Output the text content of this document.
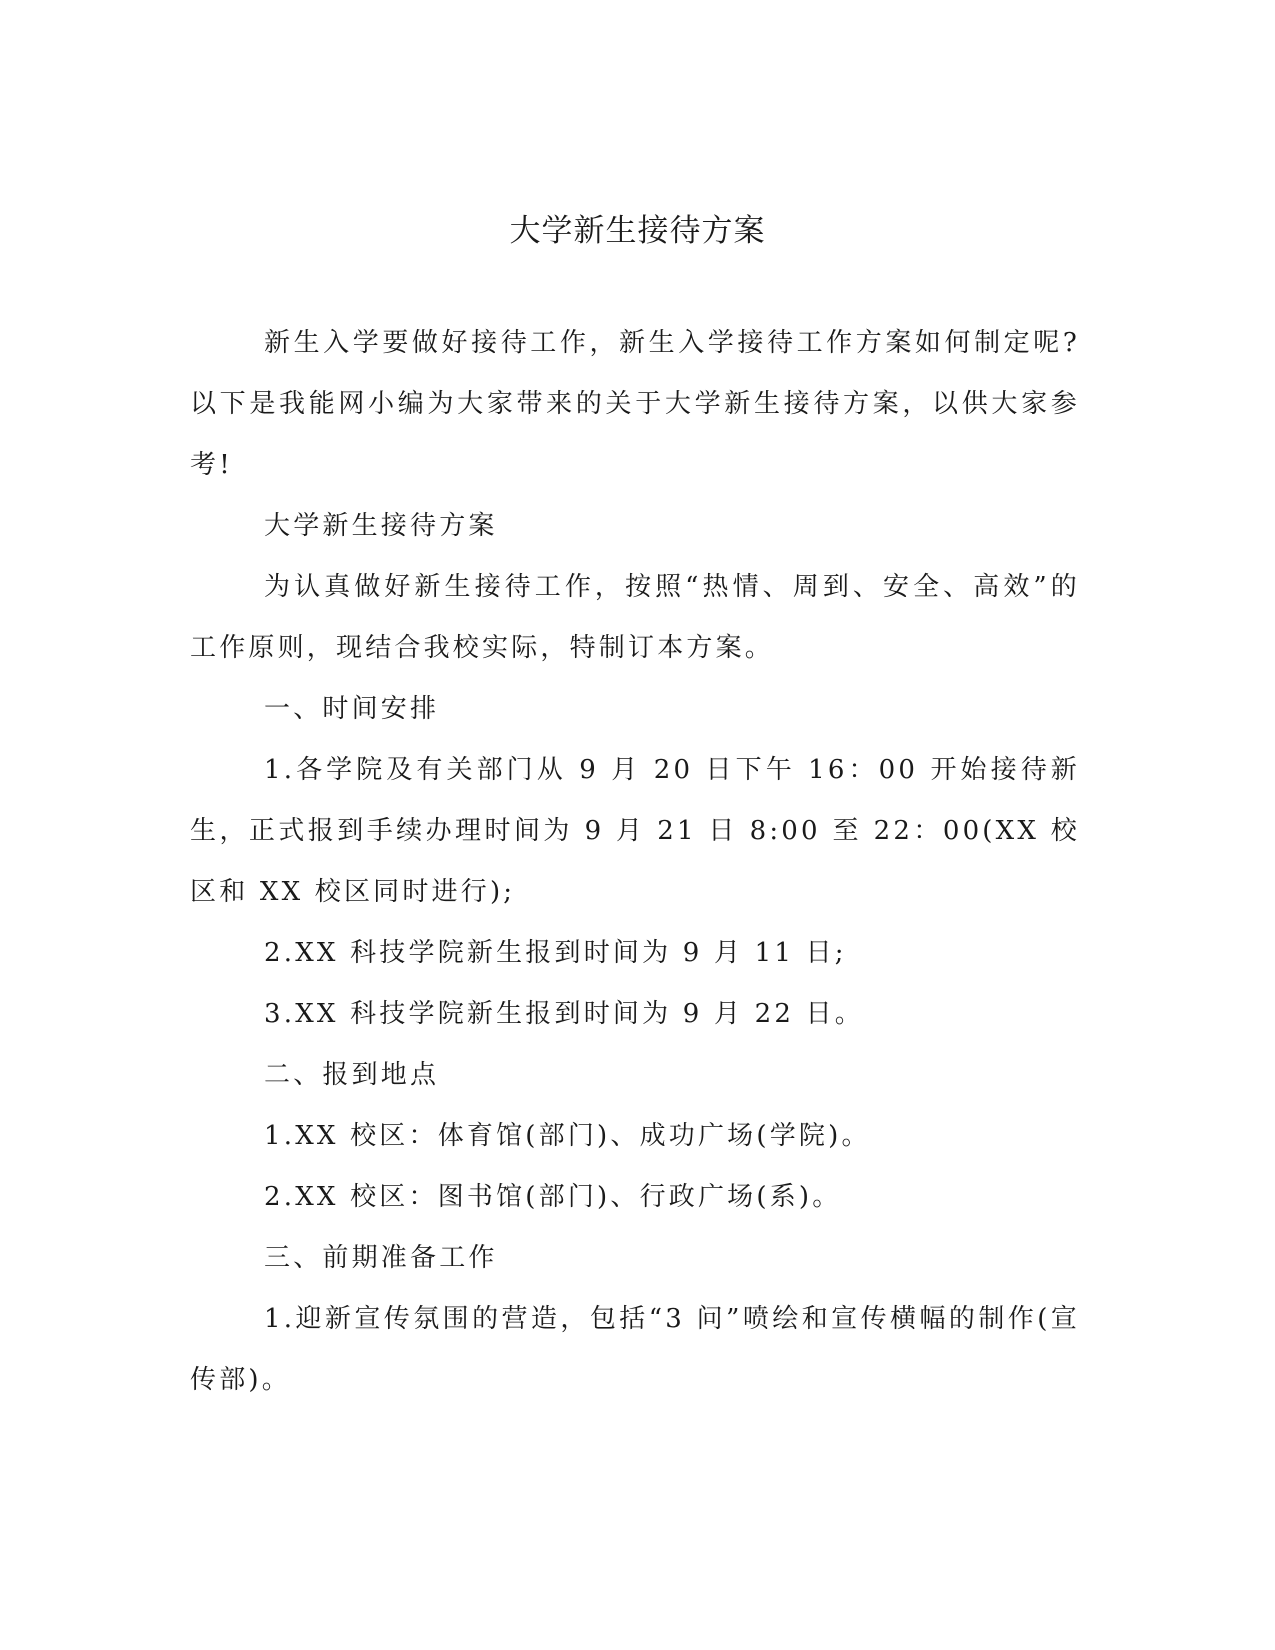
大学新生接待方案

新生入学要做好接待工作，新生入学接待工作方案如何制定呢?以下是我能网小编为大家带来的关于大学新生接待方案，以供大家参考!

大学新生接待方案

为认真做好新生接待工作，按照“热情、周到、安全、高效”的工作原则，现结合我校实际，特制订本方案。

一、时间安排

1.各学院及有关部门从 9 月 20 日下午 16：00 开始接待新生，正式报到手续办理时间为 9 月 21 日 8:00 至 22：00(XX 校区和 XX 校区同时进行);

2.XX 科技学院新生报到时间为 9 月 11 日;

3.XX 科技学院新生报到时间为 9 月 22 日。

二、报到地点

1.XX 校区：体育馆(部门)、成功广场(学院)。

2.XX 校区：图书馆(部门)、行政广场(系)。

三、前期准备工作

1.迎新宣传氛围的营造，包括“3 问”喷绘和宣传横幅的制作(宣传部)。
